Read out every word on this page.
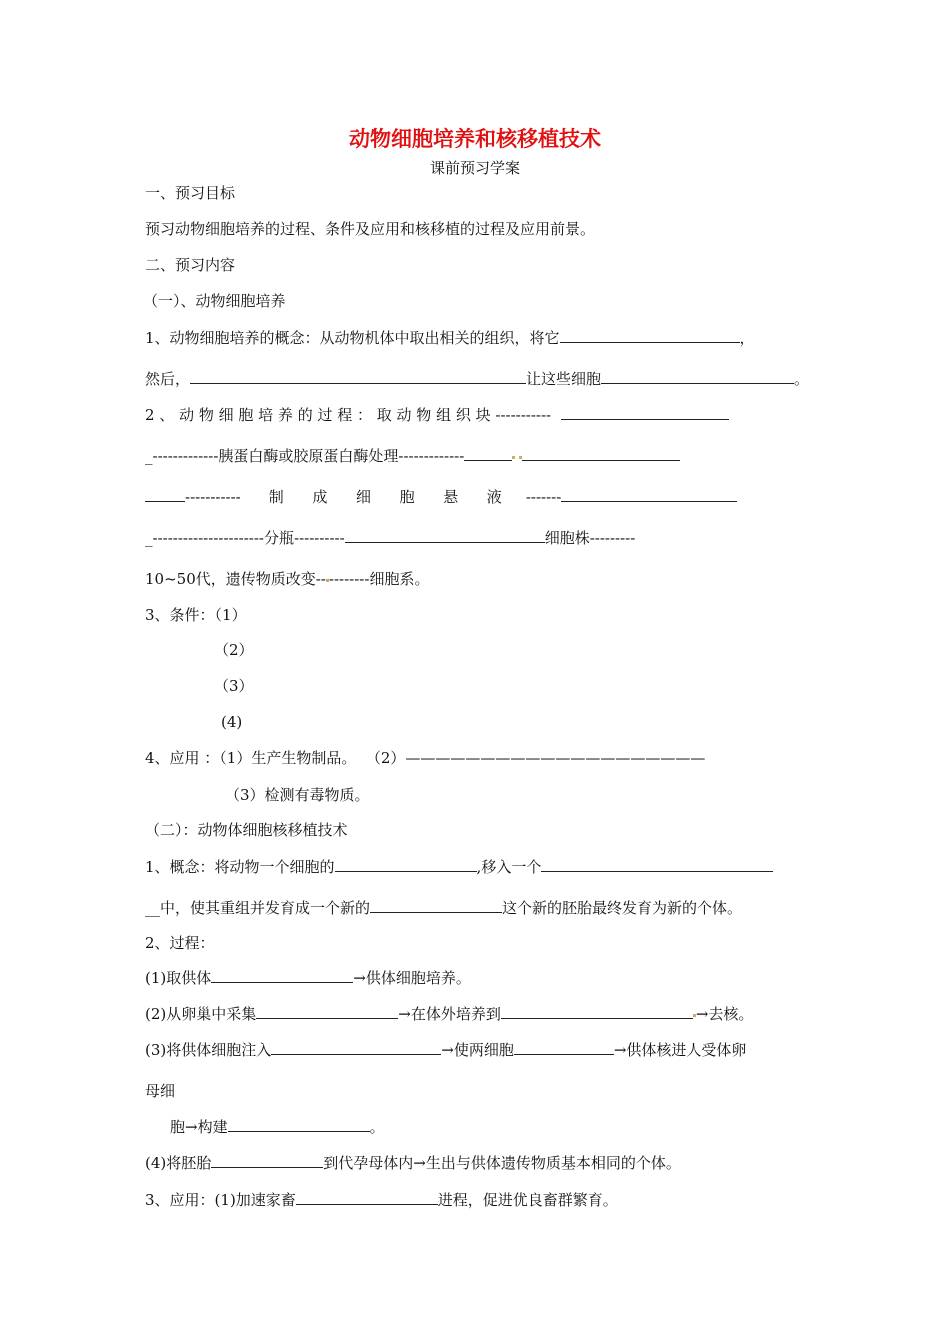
动物细胞培养和核移植技术
课前预习学案
一、预习目标
预习动物细胞培养的过程、条件及应用和核移植的过程及应用前景。
二、预习内容
（一）、动物细胞培养
1、动物细胞培养的概念：从动物机体中取出相关的组织，将它	，
然后，	让这些细胞	。
2 、 动 物 细 胞 培 养 的 过 程 ： 取 动 物 组 织 块 -----------
_-------------胰蛋白酶或胶原蛋白酶处理-------------
----------- 制      成      细      胞      悬      液 -------
_----------------------分瓶----------	细胞株---------
10~50代，遗传物质改变-- --------细胞系。
3、条件：（1）
（2）
（3）
(4)
4、应用 ：（1）生产生物制品。  （2）————————————————————
（3）检测有毒物质。
（二）：动物体细胞核移植技术
1、概念：将动物一个细胞的	,移入一个
__中，使其重组并发育成一个新的	这个新的胚胎最终发育为新的个体。
2、过程：
(1)取供体	→供体细胞培养。
(2)从卵巢中采集	→在体外培养到	→去核。
(3)将供体细胞注入	→使两细胞	→供体核进人受体卵
母细
胞→构建	。
(4)将胚胎	到代孕母体内→生出与供体遗传物质基本相同的个体。
3、应用：(1)加速家畜	进程，促进优良畜群繁育。
